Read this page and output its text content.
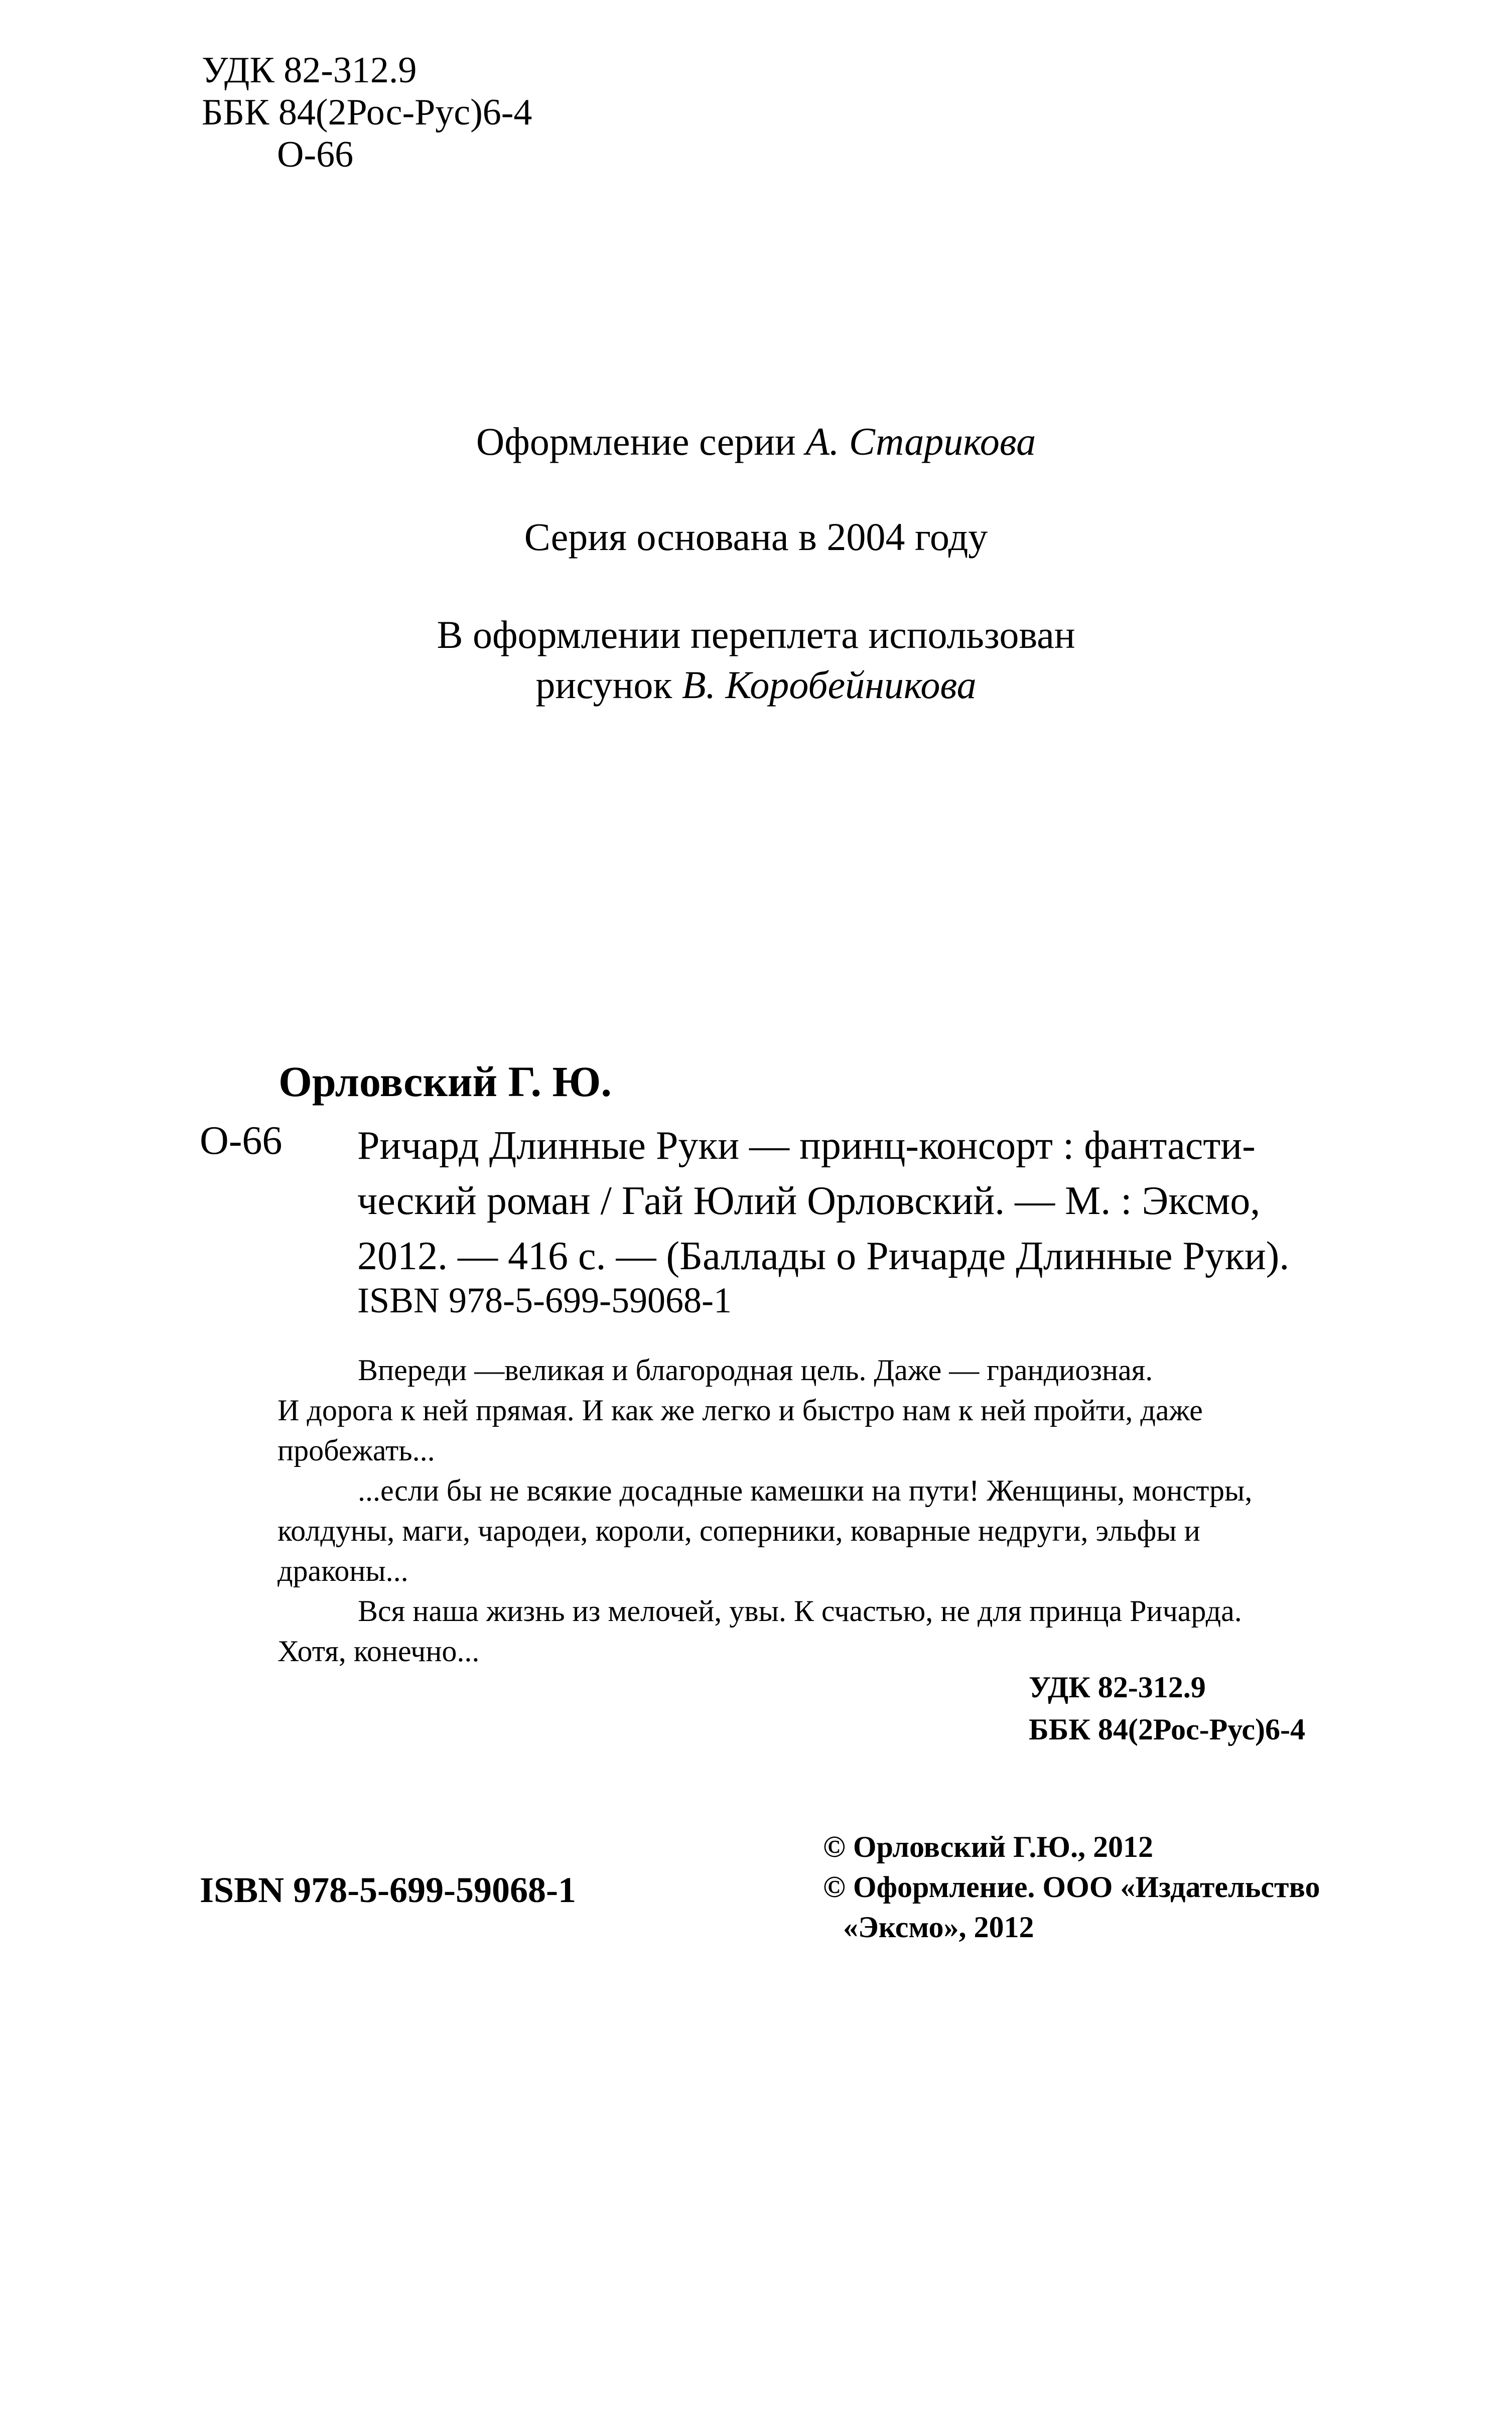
УДК 82-312.9
ББК 84(2Рос-Рус)6-4
О-66
Оформление серии А. Старикова
Серия основана в 2004 году
В оформлении переплета использован
рисунок В. Коробейникова
Орловский Г. Ю.
О-66 Ричард Длинные Руки — принц-консорт : фантасти-
ческий роман / Гай Юлий Орловский. — М. : Эксмо,
2012. — 416 с. — (Баллады о Ричарде Длинные Руки).
ISBN 978-5-699-59068-1

Впереди —великая и благородная цель. Даже — грандиозная.
И дорога к ней прямая. И как же легко и быстро нам к ней пройти, даже
пробежать...

...если бы не всякие досадные камешки на пути! Женщины, монстры,
колдуны, маги, чародеи, короли, соперники, коварные недруги, эльфы и
драконы...

Вся наша жизнь из мелочей, увы. К счастью, не для принца Ричарда.
Хотя, конечно...

УДК 82-312.9
ББК 84(2Рос-Рус)6-4
© Орловский Г.Ю., 2012
© Оформление. ООО «Издательство
«Эксмо», 2012
ISBN 978-5-699-59068-1
